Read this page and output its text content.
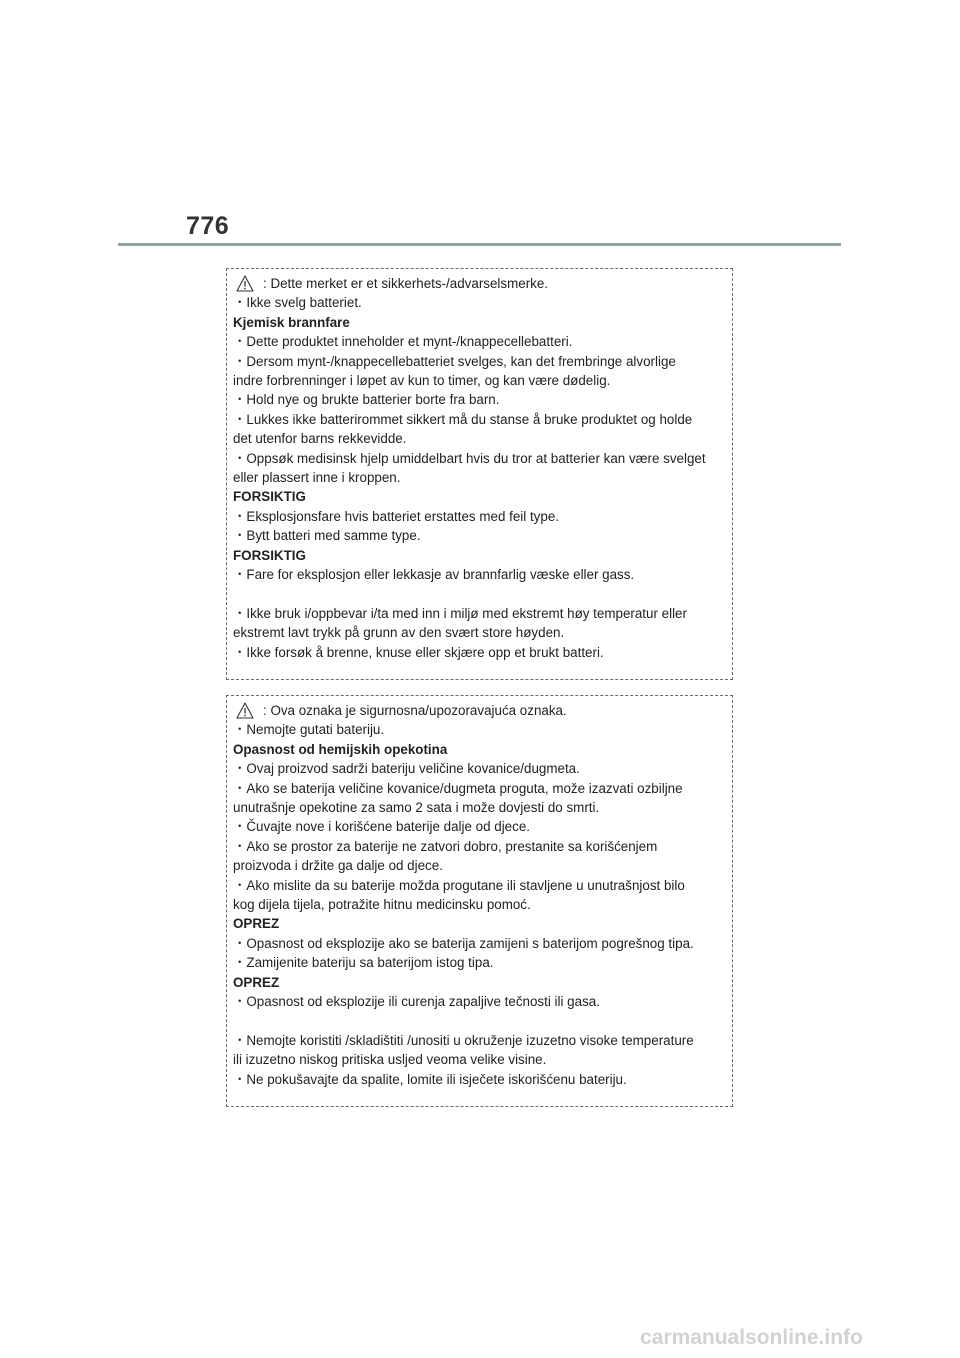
776
: Dette merket er et sikkerhets-/advarselsmerke.
・Ikke svelg batteriet.
Kjemisk brannfare
・Dette produktet inneholder et mynt-/knappecellebatteri.
・Dersom mynt-/knappecellebatteriet svelges, kan det frembringe alvorlige
indre forbrenninger i løpet av kun to timer, og kan være dødelig.
・Hold nye og brukte batterier borte fra barn.
・Lukkes ikke batterirommet sikkert må du stanse å bruke produktet og holde
det utenfor barns rekkevidde.
・Oppsøk medisinsk hjelp umiddelbart hvis du tror at batterier kan være svelget
eller plassert inne i kroppen.
FORSIKTIG
・Eksplosjonsfare hvis batteriet erstattes med feil type.
・Bytt batteri med samme type.
FORSIKTIG
・Fare for eksplosjon eller lekkasje av brannfarlig væske eller gass.
・Ikke bruk i/oppbevar i/ta med inn i miljø med ekstremt høy temperatur eller
ekstremt lavt trykk på grunn av den svært store høyden.
・Ikke forsøk å brenne, knuse eller skjære opp et brukt batteri.
: Ova oznaka je sigurnosna/upozoravajuća oznaka.
・Nemojte gutati bateriju.
Opasnost od hemijskih opekotina
・Ovaj proizvod sadrži bateriju veličine kovanice/dugmeta.
・Ako se baterija veličine kovanice/dugmeta proguta, može izazvati ozbiljne
unutrašnje opekotine za samo 2 sata i može dovjesti do smrti.
・Čuvajte nove i korišćene baterije dalje od djece.
・Ako se prostor za baterije ne zatvori dobro, prestanite sa korišćenjem
proizvoda i držite ga dalje od djece.
・Ako mislite da su baterije možda progutane ili stavljene u unutrašnjost bilo
kog dijela tijela, potražite hitnu medicinsku pomoć.
OPREZ
・Opasnost od eksplozije ako se baterija zamijeni s baterijom pogrešnog tipa.
・Zamijenite bateriju sa baterijom istog tipa.
OPREZ
・Opasnost od eksplozije ili curenja zapaljive tečnosti ili gasa.
・Nemojte koristiti /skladištiti /unositi u okruženje izuzetno visoke temperature
ili izuzetno niskog pritiska usljed veoma velike visine.
・Ne pokušavajte da spalite, lomite ili isječete iskorišćenu bateriju.
carmanualsonline.info
